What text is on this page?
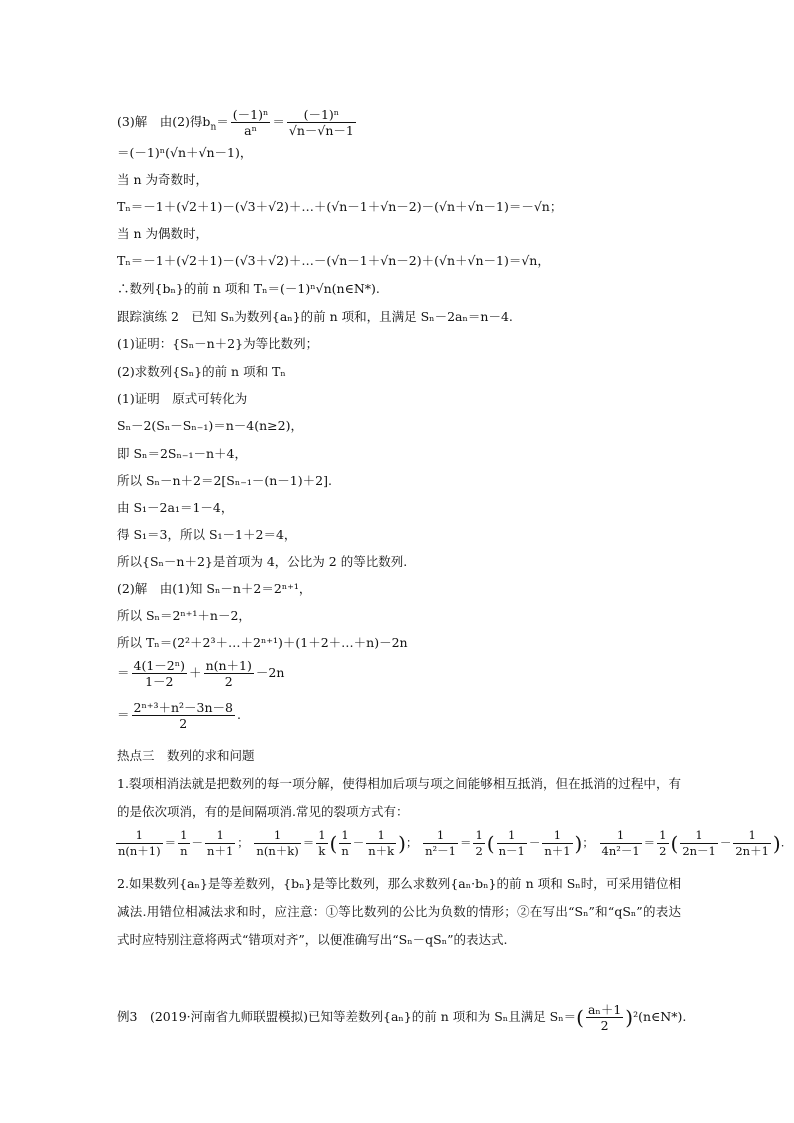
(3)解　由(2)得$b_n= \frac{\text{(－1)ⁿ}}{\text{aⁿ}} = \frac{\text{(－1)ⁿ}}{√n-√n-1}$
＝(－1)ⁿ(√n＋√n－1)，
当 n 为奇数时，
Tₙ＝－1＋(√2＋1)－(√3＋√2)＋…＋(√n－1＋√n－2)－(√n＋√n－1)＝－√n；
当 n 为偶数时，
Tₙ＝－1＋(√2＋1)－(√3＋√2)＋…－(√n－1＋√n－2)＋(√n＋√n－1)＝√n，
∴数列{bₙ}的前 n 项和 Tₙ＝(－1)ⁿ√n(n∈N*).
跟踪演练 2　已知 Sₙ为数列{aₙ}的前 n 项和，且满足 Sₙ－2aₙ＝n－4.
(1)证明：{Sₙ－n＋2}为等比数列；
(2)求数列{Sₙ}的前 n 项和 Tₙ
(1)证明　原式可转化为
Sₙ－2(Sₙ－Sₙ₋₁)＝n－4(n≥2)，
即 Sₙ＝2Sₙ₋₁－n＋4，
所以 Sₙ－n＋2＝2[Sₙ₋₁－(n－1)＋2].
由 S₁－2a₁＝1－4，
得 S₁＝3，所以 S₁－1＋2＝4，
所以{Sₙ－n＋2}是首项为 4，公比为 2 的等比数列.
(2)解　由(1)知 Sₙ－n＋2＝2ⁿ⁺¹，
所以 Sₙ＝2ⁿ⁺¹＋n－2，
所以 Tₙ＝(2²＋2³＋…＋2ⁿ⁺¹)＋(1＋2＋…＋n)－2n
＝ $\frac{\text{4(1－2ⁿ)}}{1-2} + \frac{n(n+1)}{2} -2n$
＝ $\frac{\text{2ⁿ⁺³＋n²－3n－8}}{2}$ .
热点三　数列的求和问题
1.裂项相消法就是把数列的每一项分解，使得相加后项与项之间能够相互抵消，但在抵消的过程中，有的是依次项消，有的是间隔项消.常见的裂项方式有：
$\frac{1}{n(n+1)} = \frac{1}{n} - \frac{1}{n+1}$ ； $\frac{1}{n(n+k)} = \frac{1}{k}$ ( $\frac{1}{n} - \frac{1}{n+k}$ )； $\frac{1}{\text{n²－1}} = \frac{1}{2}$ ( $\frac{1}{n-1} - \frac{1}{n+1}$ )； $\frac{1}{\text{4n²－1}} = \frac{1}{2}$ ( $\frac{1}{2n-1} - \frac{1}{2n+1}$ ).
2.如果数列{aₙ}是等差数列，{bₙ}是等比数列，那么求数列{aₙ·bₙ}的前 n 项和 Sₙ时，可采用错位相减法.用错位相减法求和时，应注意：①等比数列的公比为负数的情形；②在写出“Sₙ”和“qSₙ”的表达式时应特别注意将两式“错项对齐”，以便准确写出“Sₙ－qSₙ”的表达式.
例3　(2019·河南省九师联盟模拟)已知等差数列{aₙ}的前 n 项和为 Sₙ且满足 $S_n=( \frac{\text{aₙ＋1}}{2}$ )²(n∈N*).
